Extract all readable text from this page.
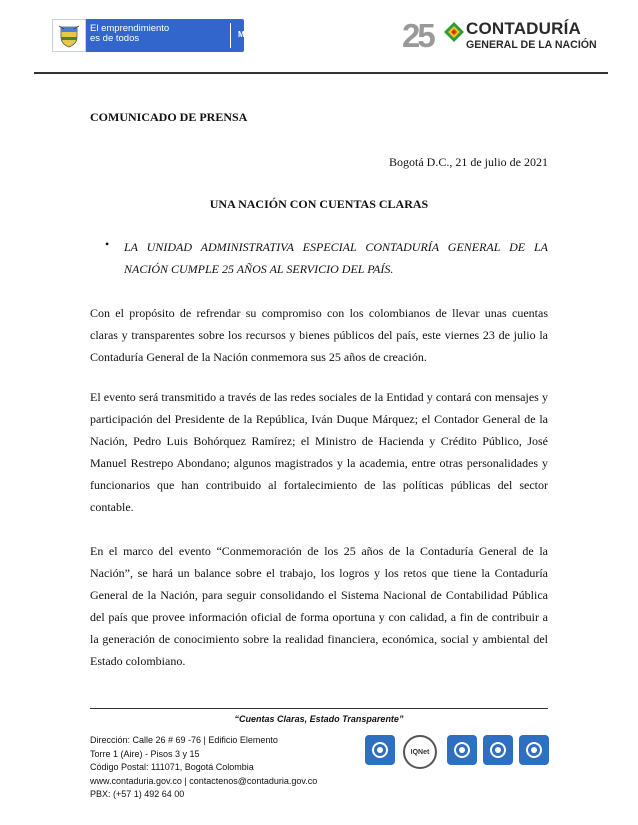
El emprendimiento
es de todos	Minhacienda	25 CONTADURÍA
GENERAL DE LA NACIÓN
COMUNICADO DE PRENSA
Bogotá D.C., 21 de julio de 2021
UNA NACIÓN CON CUENTAS CLARAS
• LA UNIDAD ADMINISTRATIVA ESPECIAL CONTADURÍA GENERAL DE LA NACIÓN CUMPLE 25 AÑOS AL SERVICIO DEL PAÍS.
Con el propósito de refrendar su compromiso con los colombianos de llevar unas cuentas claras y transparentes sobre los recursos y bienes públicos del país, este viernes 23 de julio la Contaduría General de la Nación conmemora sus 25 años de creación.
El evento será transmitido a través de las redes sociales de la Entidad y contará con mensajes y participación del Presidente de la República, Iván Duque Márquez; el Contador General de la Nación, Pedro Luis Bohórquez Ramírez; el Ministro de Hacienda y Crédito Público, José Manuel Restrepo Abondano; algunos magistrados y la academia, entre otras personalidades y funcionarios que han contribuido al fortalecimiento de las políticas públicas del sector contable.
En el marco del evento “Conmemoración de los 25 años de la Contaduría General de la Nación”, se hará un balance sobre el trabajo, los logros y los retos que tiene la Contaduría General de la Nación, para seguir consolidando el Sistema Nacional de Contabilidad Pública del país que provee información oficial de forma oportuna y con calidad, a fin de contribuir a la generación de conocimiento sobre la realidad financiera, económica, social y ambiental del Estado colombiano.
“Cuentas Claras, Estado Transparente”
Dirección: Calle 26 # 69 -76 | Edificio Elemento
Torre 1 (Aire) - Pisos 3 y 15
Código Postal: 111071, Bogotá Colombia
www.contaduria.gov.co | contactenos@contaduria.gov.co
PBX: (+57 1) 492 64 00
IQNet
